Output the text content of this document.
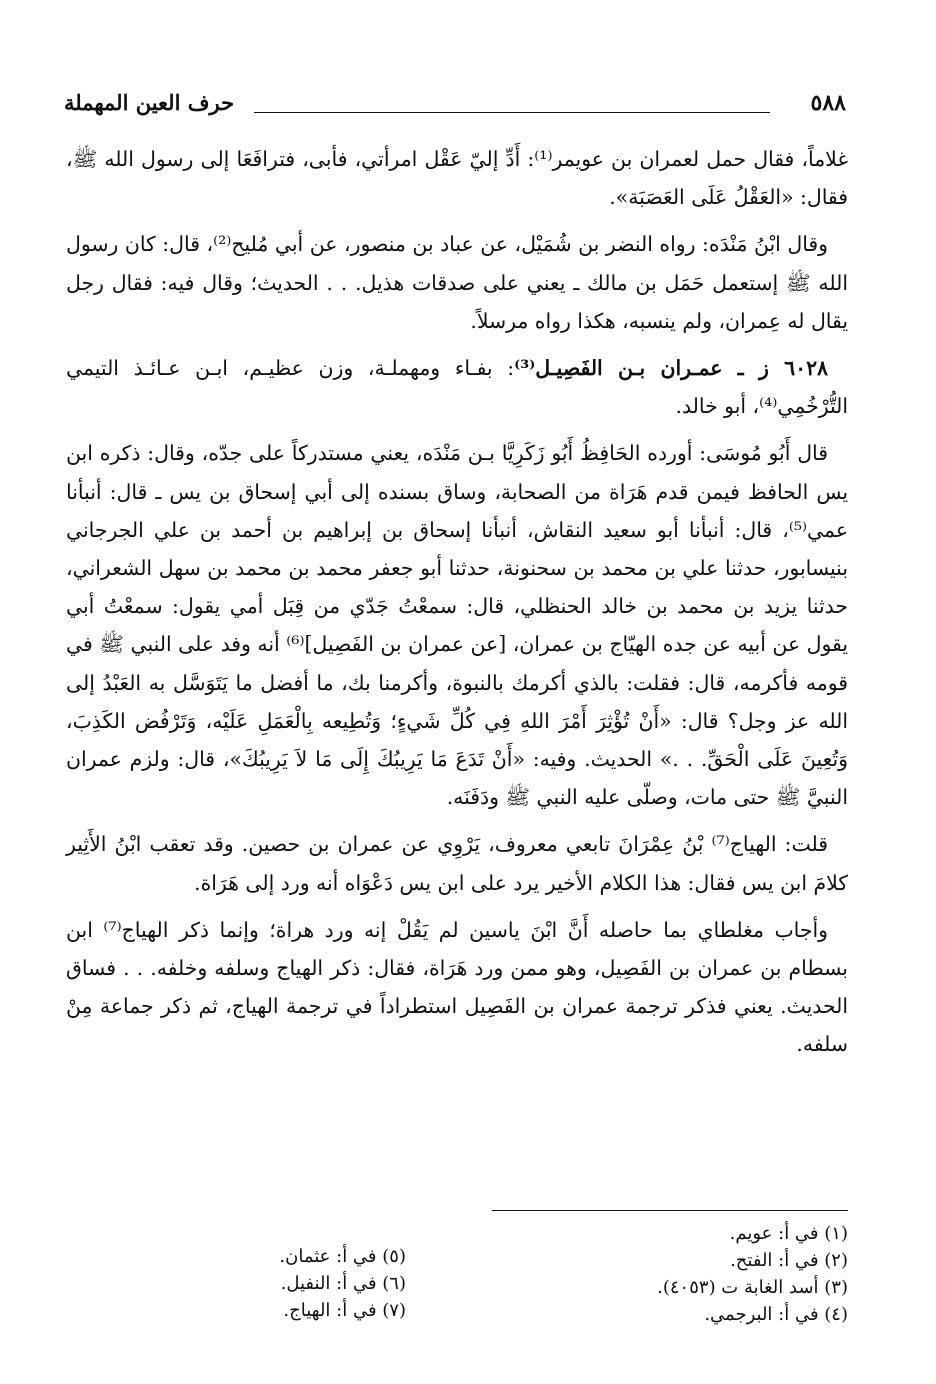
٥٨٨
حرف العين المهملة

غلاماً، فقال حمل لعمران بن عويمر⁽¹⁾: أَدِّ إليّ عَقْل امرأتي، فأبى، فترافَعَا إلى رسول الله ﷺ، فقال: «العَقْلُ عَلَى العَصَبَة».

وقال ابْنُ مَنْدَه: رواه النضر بن شُمَيْل، عن عباد بن منصور، عن أبي مُليح⁽²⁾، قال: كان رسول الله ﷺ إستعمل حَمَل بن مالك ـ يعني على صدقات هذيل. . . الحديث؛ وقال فيه: فقال رجل يقال له عِمران، ولم ينسبه، هكذا رواه مرسلاً.

٦٠٢٨ ز ـ عمـران بـن الفَصِيـل⁽³⁾: بفـاء ومهملـة، وزن عظيـم، ابـن عـائـذ التيمي التُّرْخُمِي⁽⁴⁾، أبو خالد.

قال أَبُو مُوسَى: أورده الحَافِظُ أَبُو زَكَرِيَّا بـن مَنْدَه، يعني مستدركاً على جدّه، وقال: ذكره ابن يس الحافظ فيمن قدم هَرَاة من الصحابة، وساق بسنده إلى أبي إسحاق بن يس ـ قال: أنبأنا عمي⁽⁵⁾، قال: أنبأنا أبو سعيد النقاش، أنبأنا إسحاق بن إبراهيم بن أحمد بن علي الجرجاني بنيسابور، حدثنا علي بن محمد بن سحنونة، حدثنا أبو جعفر محمد بن محمد بن سهل الشعراني، حدثنا يزيد بن محمد بن خالد الحنظلي، قال: سمعْتُ جَدّي من قِبَل أمي يقول: سمعْتُ أبي يقول عن أبيه عن جده الهيّاج بن عمران، [عن عمران بن الفَصِيل]⁽⁶⁾ أنه وفد على النبي ﷺ في قومه فأكرمه، قال: فقلت: بالذي أكرمك بالنبوة، وأكرمنا بك، ما أفضل ما يَتَوَسَّل به العَبْدُ إلى الله عز وجل؟ قال: «أَنْ تُؤْثِرَ أَمْرَ اللهِ فِي كُلِّ شَيءٍ؛ وَتُطِيعه بِالْعَمَلِ عَلَيْه، وَتَرْفُض الكَذِبَ، وَتُعِينَ عَلَى الْحَقِّ. . .» الحديث. وفيه: «أَنْ تَدَعَ مَا يَرِيبُكَ إِلَى مَا لاَ يَرِيبُكَ»، قال: ولزم عمران النبيَّ ﷺ حتى مات، وصلّى عليه النبي ﷺ ودَفَنَه.

قلت: الهياج⁽⁷⁾ بْنُ عِمْرَانَ تابعي معروف، يَرْوِي عن عمران بن حصين. وقد تعقب ابْنُ الأَثِير كلامَ ابن يس فقال: هذا الكلام الأخير يرد على ابن يس دَعْوَاه أنه ورد إلى هَرَاة.

وأجاب مغلطاي بما حاصله أَنَّ ابْنَ ياسين لم يَقُلْ إنه ورد هراة؛ وإنما ذكر الهياج⁽⁷⁾ ابن بسطام بن عمران بن الفَصِيل، وهو ممن ورد هَرَاة، فقال: ذكر الهياج وسلفه وخلفه. . . فساق الحديث. يعني فذكر ترجمة عمران بن الفَصِيل استطراداً في ترجمة الهياج، ثم ذكر جماعة مِنْ سلفه.

(١) في أ: عويم.
(٢) في أ: الفتح.
(٣) أسد الغابة ت (٤٠٥٣).
(٤) في أ: البرجمي.
(٥) في أ: عثمان.
(٦) في أ: النفيل.
(٧) في أ: الهياج.
